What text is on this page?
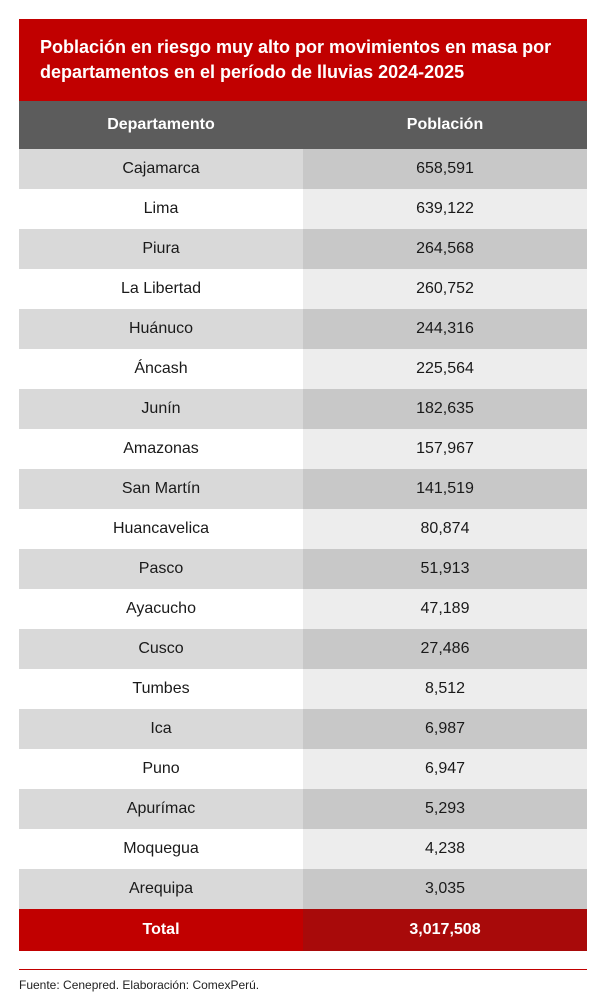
Población en riesgo muy alto por movimientos en masa por departamentos en el período de lluvias 2024-2025
Departamento	Población
Cajamarca	658,591
Lima	639,122
Piura	264,568
La Libertad	260,752
Huánuco	244,316
Áncash	225,564
Junín	182,635
Amazonas	157,967
San Martín	141,519
Huancavelica	80,874
Pasco	51,913
Ayacucho	47,189
Cusco	27,486
Tumbes	8,512
Ica	6,987
Puno	6,947
Apurímac	5,293
Moquegua	4,238
Arequipa	3,035
Total	3,017,508
Fuente: Cenepred. Elaboración: ComexPerú.
